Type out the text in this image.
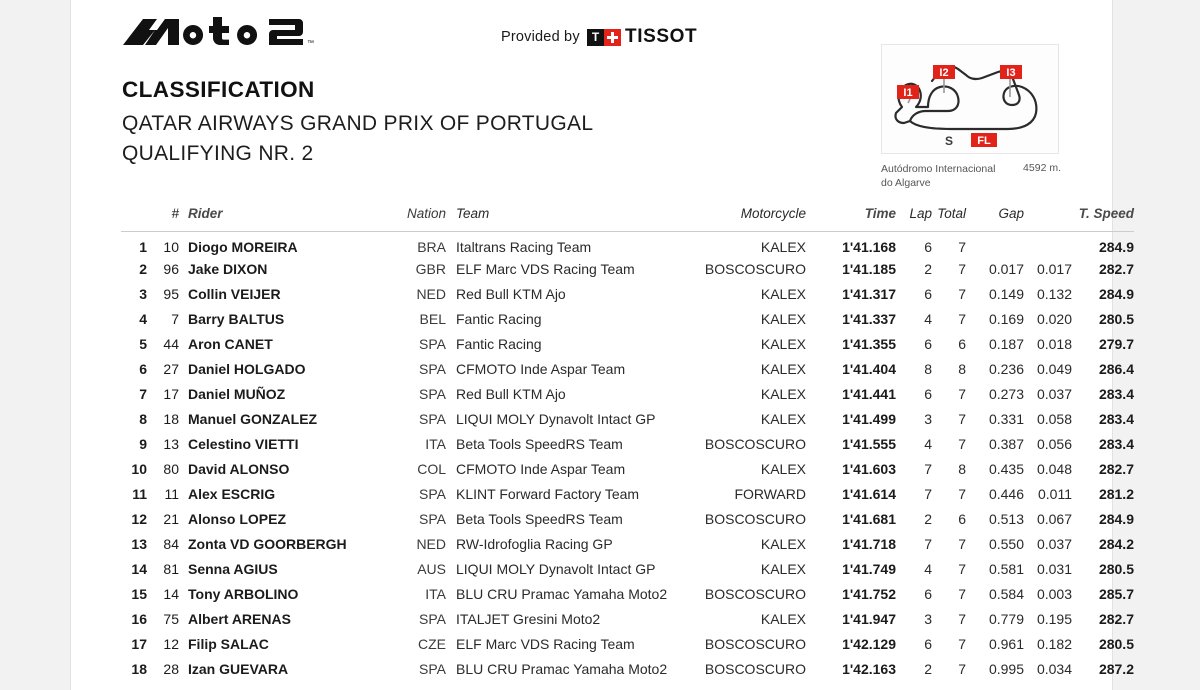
™	Provided by T TISSOT
CLASSIFICATION
QATAR AIRWAYS GRAND PRIX OF PORTUGAL
QUALIFYING NR. 2
I1
I2	I3
S FL
Autódromo Internacional do Algarve
4592 m.
	#	Rider	Nation	Team	Motorcycle	Time	Lap	Total	Gap		T. Speed
1	10	Diogo MOREIRA	BRA	Italtrans Racing Team	KALEX	1'41.168	6	7			284.9
2	96	Jake DIXON	GBR	ELF Marc VDS Racing Team	BOSCOSCURO	1'41.185	2	7	0.017	0.017	282.7
3	95	Collin VEIJER	NED	Red Bull KTM Ajo	KALEX	1'41.317	6	7	0.149	0.132	284.9
4	7	Barry BALTUS	BEL	Fantic Racing	KALEX	1'41.337	4	7	0.169	0.020	280.5
5	44	Aron CANET	SPA	Fantic Racing	KALEX	1'41.355	6	6	0.187	0.018	279.7
6	27	Daniel HOLGADO	SPA	CFMOTO Inde Aspar Team	KALEX	1'41.404	8	8	0.236	0.049	286.4
7	17	Daniel MUÑOZ	SPA	Red Bull KTM Ajo	KALEX	1'41.441	6	7	0.273	0.037	283.4
8	18	Manuel GONZALEZ	SPA	LIQUI MOLY Dynavolt Intact GP	KALEX	1'41.499	3	7	0.331	0.058	283.4
9	13	Celestino VIETTI	ITA	Beta Tools SpeedRS Team	BOSCOSCURO	1'41.555	4	7	0.387	0.056	283.4
10	80	David ALONSO	COL	CFMOTO Inde Aspar Team	KALEX	1'41.603	7	8	0.435	0.048	282.7
11	11	Alex ESCRIG	SPA	KLINT Forward Factory Team	FORWARD	1'41.614	7	7	0.446	0.011	281.2
12	21	Alonso LOPEZ	SPA	Beta Tools SpeedRS Team	BOSCOSCURO	1'41.681	2	6	0.513	0.067	284.9
13	84	Zonta VD GOORBERGH	NED	RW-Idrofoglia Racing GP	KALEX	1'41.718	7	7	0.550	0.037	284.2
14	81	Senna AGIUS	AUS	LIQUI MOLY Dynavolt Intact GP	KALEX	1'41.749	4	7	0.581	0.031	280.5
15	14	Tony ARBOLINO	ITA	BLU CRU Pramac Yamaha Moto2	BOSCOSCURO	1'41.752	6	7	0.584	0.003	285.7
16	75	Albert ARENAS	SPA	ITALJET Gresini Moto2	KALEX	1'41.947	3	7	0.779	0.195	282.7
17	12	Filip SALAC	CZE	ELF Marc VDS Racing Team	BOSCOSCURO	1'42.129	6	7	0.961	0.182	280.5
18	28	Izan GUEVARA	SPA	BLU CRU Pramac Yamaha Moto2	BOSCOSCURO	1'42.163	2	7	0.995	0.034	287.2
